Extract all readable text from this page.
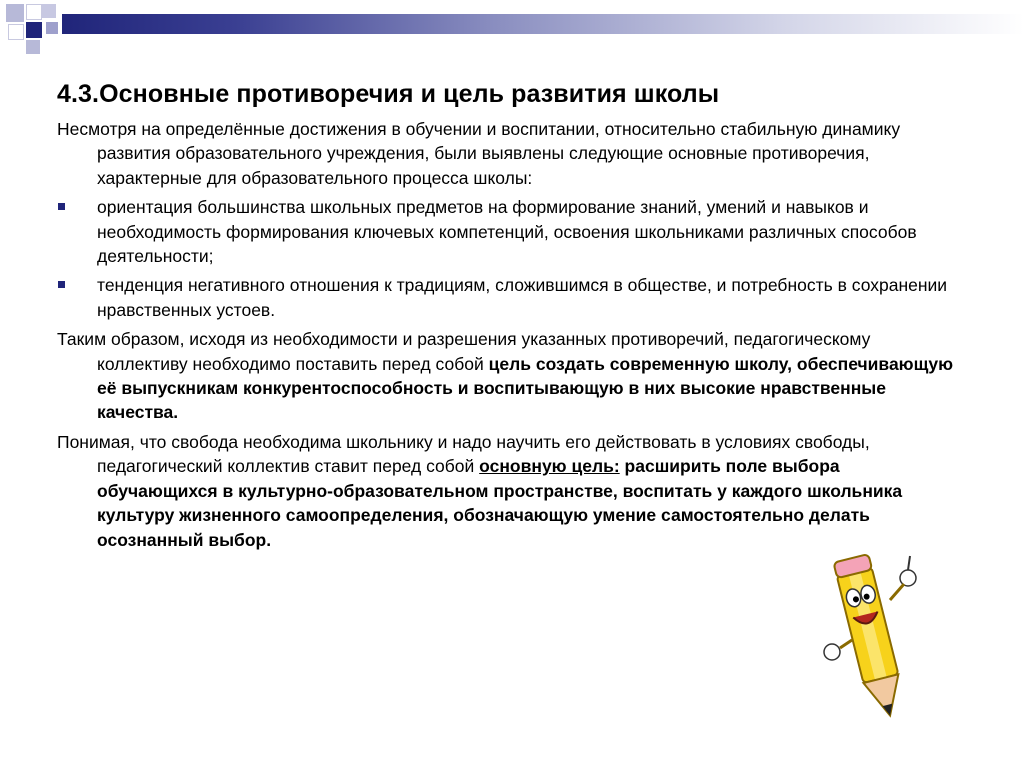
4.3.Основные противоречия и цель развития школы

Несмотря на определённые достижения в обучении и воспитании, относительно стабильную динамику развития образовательного учреждения, были выявлены следующие основные противоречия, характерные для образовательного процесса школы:

ориентация большинства школьных предметов на формирование знаний, умений и навыков и необходимость формирования ключевых компетенций, освоения школьниками различных способов деятельности;
тенденция негативного отношения к традициям, сложившимся в обществе, и потребность в сохранении нравственных устоев.

Таким образом, исходя из необходимости и разрешения указанных противоречий, педагогическому коллективу необходимо поставить перед собой цель создать современную школу, обеспечивающую её выпускникам конкурентоспособность и воспитывающую в них высокие нравственные качества.

Понимая, что свобода необходима школьнику и надо научить его действовать в условиях свободы, педагогический коллектив ставит перед собой основную цель: расширить поле выбора обучающихся в культурно-образовательном пространстве, воспитать у каждого школьника культуру жизненного самоопределения, обозначающую умение самостоятельно делать осознанный выбор.
